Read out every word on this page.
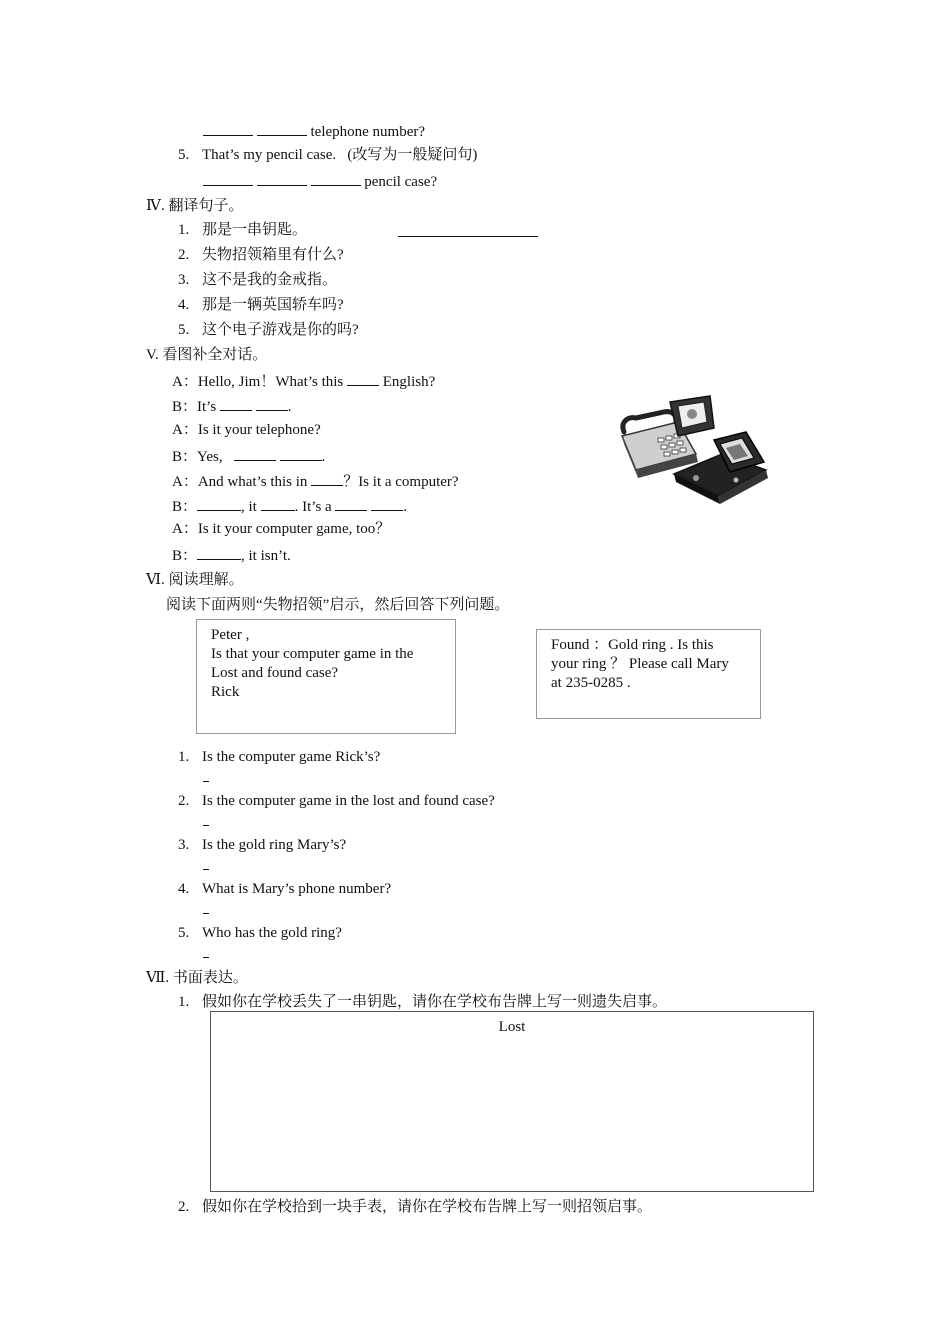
telephone number?
5. That’s my pencil case. (改写为一般疑问句)
pencil case?
Ⅳ. 翻译句子。
1. 那是一串钥匙。
2. 失物招领箱里有什么?
3. 这不是我的金戒指。
4. 那是一辆英国轿车吗?
5. 这个电子游戏是你的吗?
V. 看图补全对话。
A：Hello, Jim！What’s this	English?
B：It’s	.
A：Is it your telephone?
B：Yes,	.
A：And what’s this in ？Is it a computer?
B：	, it	. It’s a	.
A：Is it your computer game, too？
B：	, it isn’t.
Ⅵ. 阅读理解。
阅读下面两则“失物招领”启示，然后回答下列问题。
Peter ,
Is that your computer game in the
Lost and found case?
Rick
Found ：Gold ring . Is this
your ring ？ Please call Mary
at 235-0285 .
1. Is the computer game Rick’s?
2. Is the computer game in the lost and found case?
3. Is the gold ring Mary’s?
4. What is Mary’s phone number?
5. Who has the gold ring?
Ⅶ. 书面表达。
1. 假如你在学校丢失了一串钥匙，请你在学校布告牌上写一则遗失启事。
Lost
2. 假如你在学校拾到一块手表，请你在学校布告牌上写一则招领启事。
